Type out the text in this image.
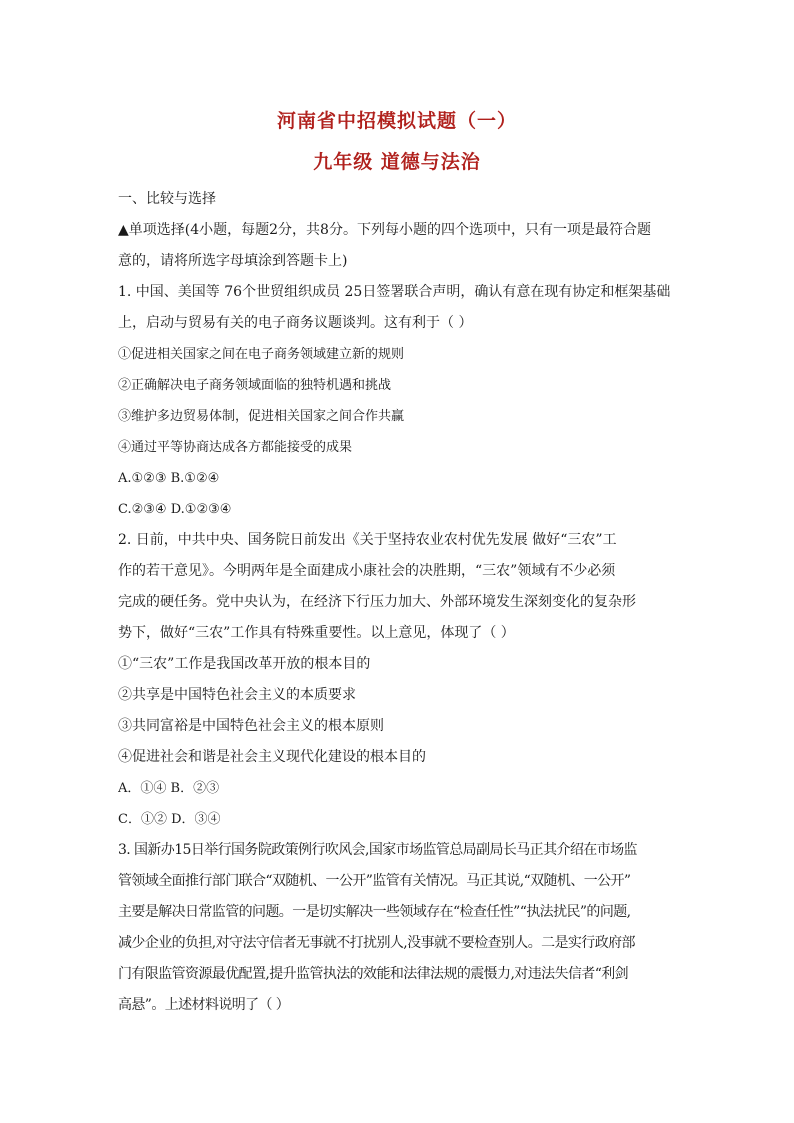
河南省中招模拟试题（一）
九年级 道德与法治
一、比较与选择
▲单项选择(4小题，每题2分，共8分。下列每小题的四个选项中，只有一项是最符合题
意的，请将所选字母填涂到答题卡上)
1. 中国、美国等 76个世贸组织成员 25日签署联合声明，确认有意在现有协定和框架基础
上，启动与贸易有关的电子商务议题谈判。这有利于（ ）
①促进相关国家之间在电子商务领域建立新的规则
②正确解决电子商务领域面临的独特机遇和挑战
③维护多边贸易体制，促进相关国家之间合作共赢
④通过平等协商达成各方都能接受的成果
A.①②③ B.①②④
C.②③④ D.①②③④
2. 日前，中共中央、国务院日前发出《关于坚持农业农村优先发展 做好“三农”工
作的若干意见》。今明两年是全面建成小康社会的决胜期，“三农”领域有不少必须
完成的硬任务。党中央认为，在经济下行压力加大、外部环境发生深刻变化的复杂形
势下，做好“三农”工作具有特殊重要性。以上意见，体现了（ ）
①“三农”工作是我国改革开放的根本目的
②共享是中国特色社会主义的本质要求
③共同富裕是中国特色社会主义的根本原则
④促进社会和谐是社会主义现代化建设的根本目的
A．①④ B．②③
C．①② D．③④
3. 国新办15日举行国务院政策例行吹风会,国家市场监管总局副局长马正其介绍在市场监
管领域全面推行部门联合“双随机、一公开”监管有关情况。马正其说,“双随机、一公开”
主要是解决日常监管的问题。一是切实解决一些领域存在“检查任性”“执法扰民”的问题,
减少企业的负担,对守法守信者无事就不打扰别人,没事就不要检查别人。二是实行政府部
门有限监管资源最优配置,提升监管执法的效能和法律法规的震慑力,对违法失信者“利剑
高悬”。上述材料说明了（ ）
